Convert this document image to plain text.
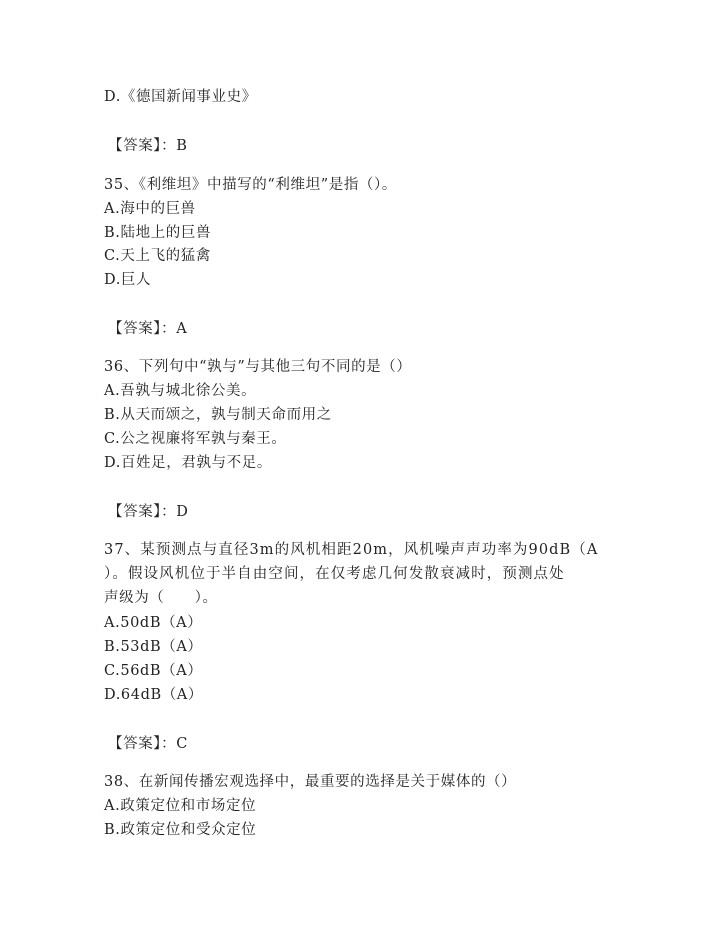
D.《德国新闻事业史》
【答案】：B
35、《利维坦》中描写的“利维坦”是指（）。
A.海中的巨兽
B.陆地上的巨兽
C.天上飞的猛禽
D.巨人
【答案】：A
36、下列句中“孰与”与其他三句不同的是（）
A.吾孰与城北徐公美。
B.从天而颂之，孰与制天命而用之
C.公之视廉将军孰与秦王。
D.百姓足，君孰与不足。
【答案】：D
37、某预测点与直径3m的风机相距20m，风机噪声声功率为90dB（A
）。假设风机位于半自由空间，在仅考虑几何发散衰减时，预测点处
声级为（　　）。
A.50dB（A）
B.53dB（A）
C.56dB（A）
D.64dB（A）
【答案】：C
38、在新闻传播宏观选择中，最重要的选择是关于媒体的（）
A.政策定位和市场定位
B.政策定位和受众定位
